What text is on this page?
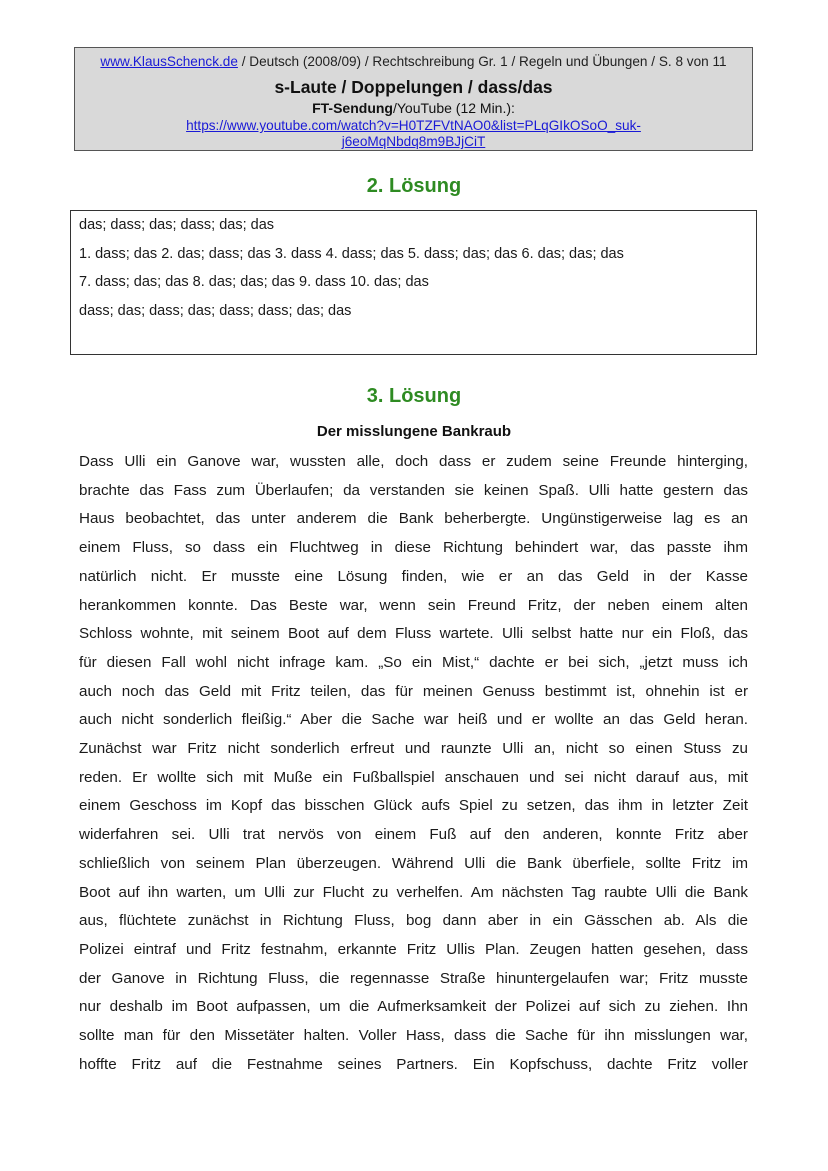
www.KlausSchenck.de / Deutsch (2008/09) / Rechtschreibung Gr. 1 / Regeln und Übungen / S. 8 von 11
s-Laute / Doppelungen / dass/das
FT-Sendung/YouTube (12 Min.):
https://www.youtube.com/watch?v=H0TZFVtNAO0&list=PLqGIkOSoO_suk-
j6eoMqNbdq8m9BJjCiT
2. Lösung
das; dass; das; dass; das; das
1. dass; das 2. das; dass; das 3. dass 4. dass; das 5. dass; das; das 6. das; das; das
7. dass; das; das 8. das; das; das 9. dass 10. das; das
dass; das; dass; das; dass; dass; das; das
3. Lösung
Der misslungene Bankraub
Dass Ulli ein Ganove war, wussten alle, doch dass er zudem seine Freunde hinterging,
brachte das Fass zum Überlaufen; da verstanden sie keinen Spaß. Ulli hatte gestern das
Haus beobachtet, das unter anderem die Bank beherbergte. Ungünstigerweise lag es an
einem Fluss, so dass ein Fluchtweg in diese Richtung behindert war, das passte ihm
natürlich nicht. Er musste eine Lösung finden, wie er an das Geld in der Kasse
herankommen konnte. Das Beste war, wenn sein Freund Fritz, der neben einem alten
Schloss wohnte, mit seinem Boot auf dem Fluss wartete. Ulli selbst hatte nur ein Floß, das
für diesen Fall wohl nicht infrage kam. „So ein Mist,“ dachte er bei sich, „jetzt muss ich
auch noch das Geld mit Fritz teilen, das für meinen Genuss bestimmt ist, ohnehin ist er
auch nicht sonderlich fleißig.“ Aber die Sache war heiß und er wollte an das Geld heran.
Zunächst war Fritz nicht sonderlich erfreut und raunzte Ulli an, nicht so einen Stuss zu
reden. Er wollte sich mit Muße ein Fußballspiel anschauen und sei nicht darauf aus, mit
einem Geschoss im Kopf das bisschen Glück aufs Spiel zu setzen, das ihm in letzter Zeit
widerfahren sei. Ulli trat nervös von einem Fuß auf den anderen, konnte Fritz aber
schließlich von seinem Plan überzeugen. Während Ulli die Bank überfiele, sollte Fritz im
Boot auf ihn warten, um Ulli zur Flucht zu verhelfen. Am nächsten Tag raubte Ulli die Bank
aus, flüchtete zunächst in Richtung Fluss, bog dann aber in ein Gässchen ab. Als die
Polizei eintraf und Fritz festnahm, erkannte Fritz Ullis Plan. Zeugen hatten gesehen, dass
der Ganove in Richtung Fluss, die regennasse Straße hinuntergelaufen war; Fritz musste
nur deshalb im Boot aufpassen, um die Aufmerksamkeit der Polizei auf sich zu ziehen. Ihn
sollte man für den Missetäter halten. Voller Hass, dass die Sache für ihn misslungen war,
hoffte Fritz auf die Festnahme seines Partners. Ein Kopfschuss, dachte Fritz voller
